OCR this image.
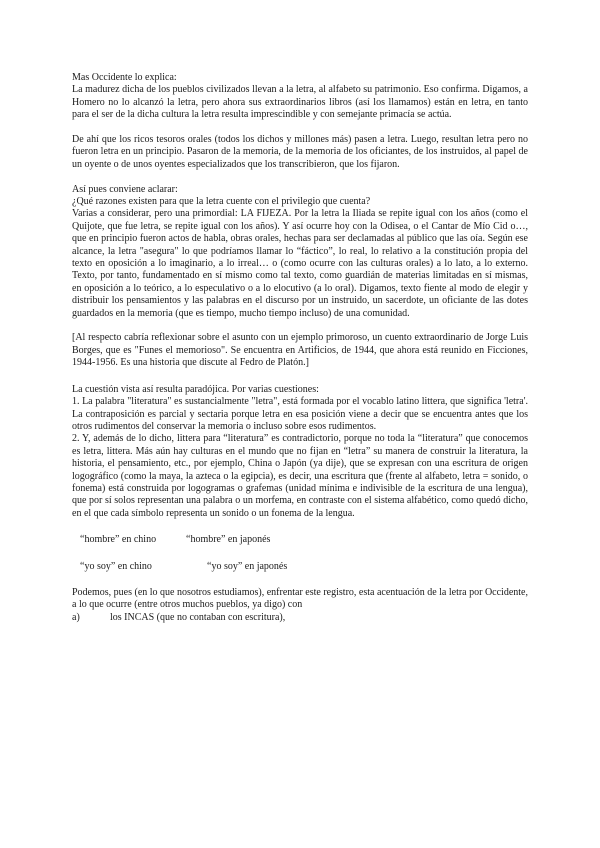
Mas Occidente lo explica:

La madurez dicha de los pueblos civilizados llevan a la letra, al alfabeto su patrimonio. Eso confirma. Digamos, a Homero no lo alcanzó la letra, pero ahora sus extraordinarios libros (así los llamamos) están en letra, en tanto para el ser de la dicha cultura la letra resulta imprescindible y con semejante primacía se actúa.

De ahí que los ricos tesoros orales (todos los dichos y millones más) pasen a letra. Luego, resultan letra pero no fueron letra en un principio. Pasaron de la memoria, de la memoria de los oficiantes, de los instruidos, al papel de un oyente o de unos oyentes especializados que los transcribieron, que los fijaron.

Así pues conviene aclarar:

¿Qué razones existen para que la letra cuente con el privilegio que cuenta?

Varias a considerar, pero una primordial: LA FIJEZA. Por la letra la Iliada se repite igual con los años (como el Quijote, que fue letra, se repite igual con los años). Y así ocurre hoy con la Odisea, o el Cantar de Mío Cid o…, que en principio fueron actos de habla, obras orales, hechas para ser declamadas al público que las oía. Según ese alcance, la letra "asegura" lo que podríamos llamar lo “fáctico”, lo real, lo relativo a la constitución propia del texto en oposición a lo imaginario, a lo irreal… o (como ocurre con las culturas orales) a lo lato, a lo externo. Texto, por tanto, fundamentado en sí mismo como tal texto, como guardián de materias limitadas en sí mismas, en oposición a lo teórico, a lo especulativo o a lo elocutivo (a lo oral). Digamos, texto fiente al modo de elegir y distribuir los pensamientos y las palabras en el discurso por un instruido, un sacerdote, un oficiante de las dotes guardados en la memoria (que es tiempo, mucho tiempo incluso) de una comunidad.

[Al respecto cabría reflexionar sobre el asunto con un ejemplo primoroso, un cuento extraordinario de Jorge Luis Borges, que es "Funes el memorioso". Se encuentra en Artificios, de 1944, que ahora está reunido en Ficciones, 1944-1956. Es una historia que discute al Fedro de Platón.]

La cuestión vista así resulta paradójica. Por varias cuestiones:

1. La palabra "literatura" es sustancialmente "letra", está formada por el vocablo latino littera, que significa 'letra'. La contraposición es parcial y sectaria porque letra en esa posición viene a decir que se encuentra antes que los otros rudimentos del conservar la memoria o incluso sobre esos rudimentos.

2. Y, además de lo dicho, littera para “literatura” es contradictorio, porque no toda la “literatura” que conocemos es letra, littera. Más aún hay culturas en el mundo que no fijan en “letra” su manera de construir la literatura, la historia, el pensamiento, etc., por ejemplo, China o Japón (ya dije), que se expresan con una escritura de origen logográfico (como la maya, la azteca o la egipcia), es decir, una escritura que (frente al alfabeto, letra = sonido, o fonema) está construida por logogramas o grafemas (unidad mínima e indivisible de la escritura de una lengua), que por sí solos representan una palabra o un morfema, en contraste con el sistema alfabético, como quedó dicho, en el que cada símbolo representa un sonido o un fonema de la lengua.

“hombre” en chino	“hombre” en japonés
“yo soy” en chino	“yo soy” en japonés

Podemos, pues (en lo que nosotros estudiamos), enfrentar este registro, esta acentuación de la letra por Occidente, a lo que ocurre (entre otros muchos pueblos, ya digo) con

a)	los INCAS (que no contaban con escritura),
